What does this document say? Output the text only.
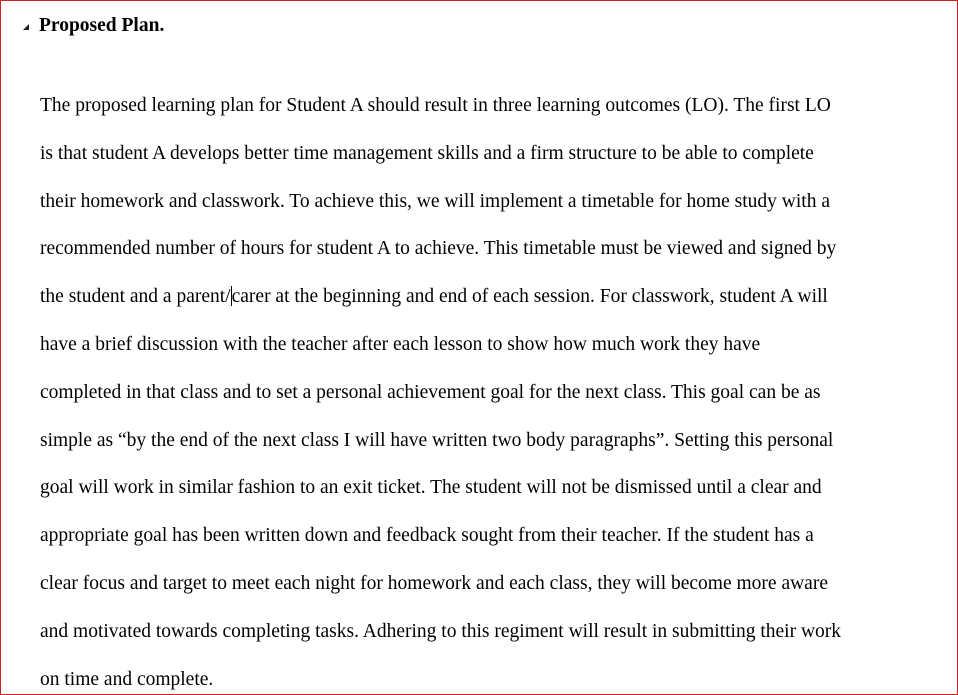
Proposed Plan.
The proposed learning plan for Student A should result in three learning outcomes (LO). The first LO
is that student A develops better time management skills and a firm structure to be able to complete
their homework and classwork. To achieve this, we will implement a timetable for home study with a
recommended number of hours for student A to achieve. This timetable must be viewed and signed by
the student and a parent/carer at the beginning and end of each session. For classwork, student A will
have a brief discussion with the teacher after each lesson to show how much work they have
completed in that class and to set a personal achievement goal for the next class. This goal can be as
simple as “by the end of the next class I will have written two body paragraphs”. Setting this personal
goal will work in similar fashion to an exit ticket. The student will not be dismissed until a clear and
appropriate goal has been written down and feedback sought from their teacher. If the student has a
clear focus and target to meet each night for homework and each class, they will become more aware
and motivated towards completing tasks. Adhering to this regiment will result in submitting their work
on time and complete.
